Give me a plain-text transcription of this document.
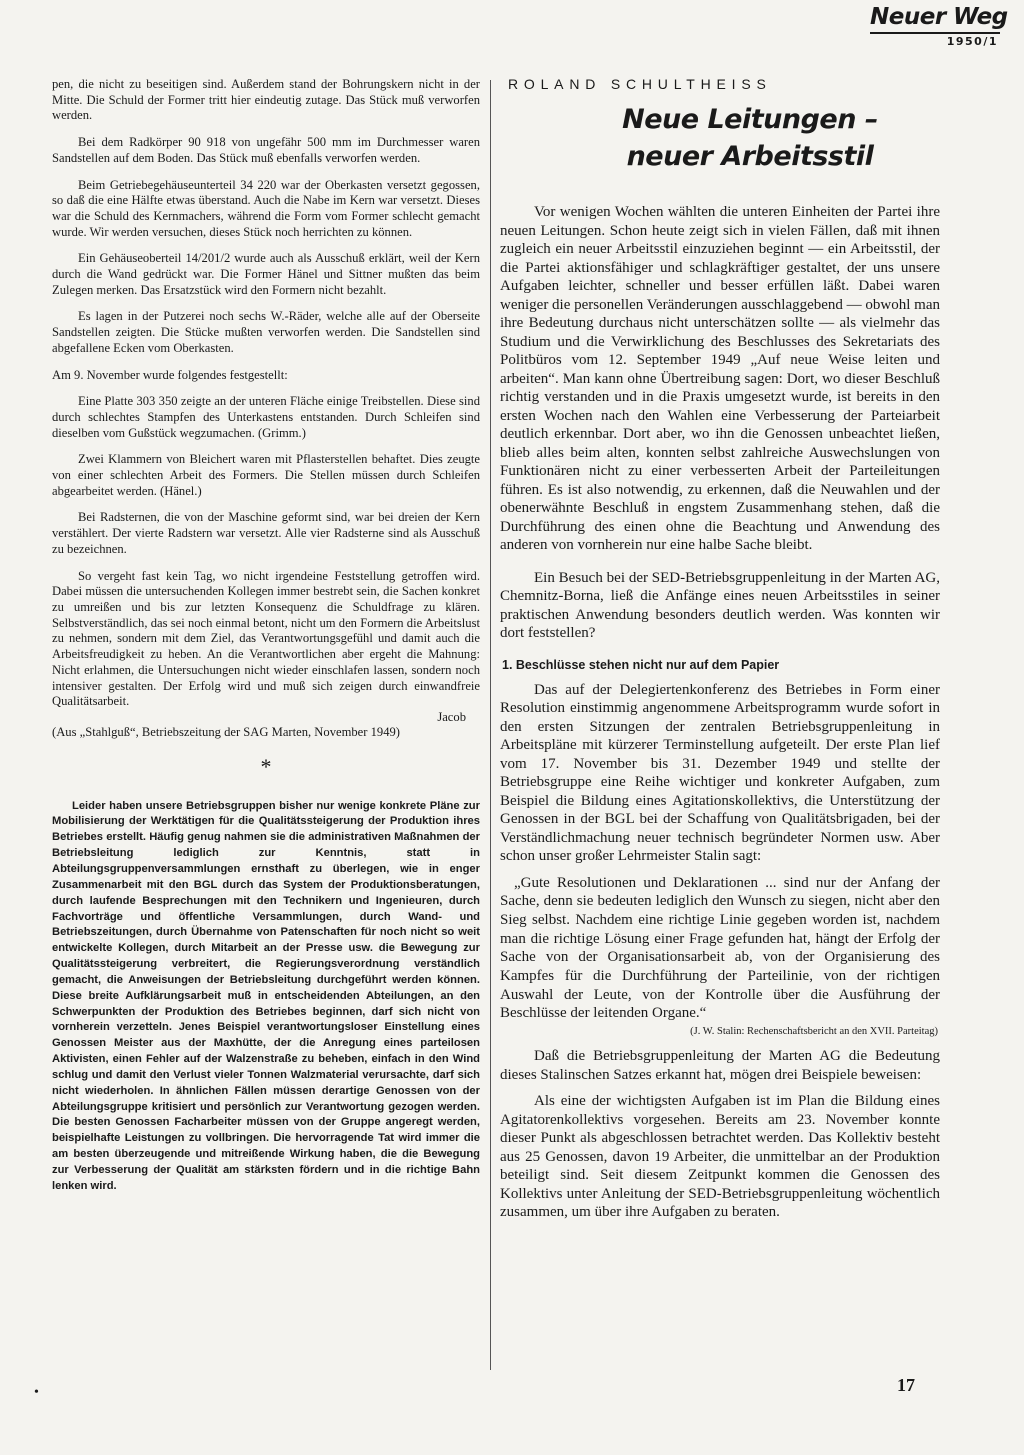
Neuer Weg
1950/1

pen, die nicht zu beseitigen sind. Außerdem stand der Bohrungskern nicht in der Mitte. Die Schuld der Former tritt hier eindeutig zutage. Das Stück muß verworfen werden.

Bei dem Radkörper 90 918 von ungefähr 500 mm im Durchmesser waren Sandstellen auf dem Boden. Das Stück muß ebenfalls verworfen werden.

Beim Getriebegehäuseunterteil 34 220 war der Oberkasten versetzt gegossen, so daß die eine Hälfte etwas überstand. Auch die Nabe im Kern war versetzt. Dieses war die Schuld des Kernmachers, während die Form vom Former schlecht gemacht wurde. Wir werden versuchen, dieses Stück noch herrichten zu können.

Ein Gehäuseoberteil 14/201/2 wurde auch als Ausschuß erklärt, weil der Kern durch die Wand gedrückt war. Die Former Hänel und Sittner mußten das beim Zulegen merken. Das Ersatzstück wird den Formern nicht bezahlt.

Es lagen in der Putzerei noch sechs W.-Räder, welche alle auf der Oberseite Sandstellen zeigten. Die Stücke mußten verworfen werden. Die Sandstellen sind abgefallene Ecken vom Oberkasten.

Am 9. November wurde folgendes festgestellt:

Eine Platte 303 350 zeigte an der unteren Fläche einige Treibstellen. Diese sind durch schlechtes Stampfen des Unterkastens entstanden. Durch Schleifen sind dieselben vom Gußstück wegzumachen. (Grimm.)

Zwei Klammern von Bleichert waren mit Pflasterstellen behaftet. Dies zeugte von einer schlechten Arbeit des Formers. Die Stellen müssen durch Schleifen abgearbeitet werden. (Hänel.)

Bei Radsternen, die von der Maschine geformt sind, war bei dreien der Kern verstählert. Der vierte Radstern war versetzt. Alle vier Radsterne sind als Ausschuß zu bezeichnen.

So vergeht fast kein Tag, wo nicht irgendeine Feststellung getroffen wird. Dabei müssen die untersuchenden Kollegen immer bestrebt sein, die Sachen konkret zu umreißen und bis zur letzten Konsequenz die Schuldfrage zu klären. Selbstverständlich, das sei noch einmal betont, nicht um den Formern die Arbeitslust zu nehmen, sondern mit dem Ziel, das Verantwortungsgefühl und damit auch die Arbeitsfreudigkeit zu heben. An die Verantwortlichen aber ergeht die Mahnung: Nicht erlahmen, die Untersuchungen nicht wieder einschlafen lassen, sondern noch intensiver gestalten. Der Erfolg wird und muß sich zeigen durch einwandfreie Qualitätsarbeit.

Jacob

(Aus „Stahlguß“, Betriebszeitung der SAG Marten, November 1949)

*

Leider haben unsere Betriebsgruppen bisher nur wenige konkrete Pläne zur Mobilisierung der Werktätigen für die Qualitätssteigerung der Produktion ihres Betriebes erstellt. Häufig genug nahmen sie die administrativen Maßnahmen der Betriebsleitung lediglich zur Kenntnis, statt in Abteilungsgruppenversammlungen ernsthaft zu überlegen, wie in enger Zusammenarbeit mit den BGL durch das System der Produktionsberatungen, durch laufende Besprechungen mit den Technikern und Ingenieuren, durch Fachvorträge und öffentliche Versammlungen, durch Wand- und Betriebszeitungen, durch Übernahme von Patenschaften für noch nicht so weit entwickelte Kollegen, durch Mitarbeit an der Presse usw. die Bewegung zur Qualitätssteigerung verbreitert, die Regierungsverordnung verständlich gemacht, die Anweisungen der Betriebsleitung durchgeführt werden können. Diese breite Aufklärungsarbeit muß in entscheidenden Abteilungen, an den Schwerpunkten der Produktion des Betriebes beginnen, darf sich nicht von vornherein verzetteln. Jenes Beispiel verantwortungsloser Einstellung eines Genossen Meister aus der Maxhütte, der die Anregung eines parteilosen Aktivisten, einen Fehler auf der Walzenstraße zu beheben, einfach in den Wind schlug und damit den Verlust vieler Tonnen Walzmaterial verursachte, darf sich nicht wiederholen. In ähnlichen Fällen müssen derartige Genossen von der Abteilungsgruppe kritisiert und persönlich zur Verantwortung gezogen werden. Die besten Genossen Facharbeiter müssen von der Gruppe angeregt werden, beispielhafte Leistungen zu vollbringen. Die hervorragende Tat wird immer die am besten überzeugende und mitreißende Wirkung haben, die die Bewegung zur Verbesserung der Qualität am stärksten fördern und in die richtige Bahn lenken wird.

ROLAND SCHULTHEISS
Neue Leitungen –
neuer Arbeitsstil

Vor wenigen Wochen wählten die unteren Einheiten der Partei ihre neuen Leitungen. Schon heute zeigt sich in vielen Fällen, daß mit ihnen zugleich ein neuer Arbeitsstil einzuziehen beginnt — ein Arbeitsstil, der die Partei aktionsfähiger und schlagkräftiger gestaltet, der uns unsere Aufgaben leichter, schneller und besser erfüllen läßt. Dabei waren weniger die personellen Veränderungen ausschlaggebend — obwohl man ihre Bedeutung durchaus nicht unterschätzen sollte — als vielmehr das Studium und die Verwirklichung des Beschlusses des Sekretariats des Politbüros vom 12. September 1949 „Auf neue Weise leiten und arbeiten“. Man kann ohne Übertreibung sagen: Dort, wo dieser Beschluß richtig verstanden und in die Praxis umgesetzt wurde, ist bereits in den ersten Wochen nach den Wahlen eine Verbesserung der Parteiarbeit deutlich erkennbar. Dort aber, wo ihn die Genossen unbeachtet ließen, blieb alles beim alten, konnten selbst zahlreiche Auswechslungen von Funktionären nicht zu einer verbesserten Arbeit der Parteileitungen führen. Es ist also notwendig, zu erkennen, daß die Neuwahlen und der obenerwähnte Beschluß in engstem Zusammenhang stehen, daß die Durchführung des einen ohne die Beachtung und Anwendung des anderen von vornherein nur eine halbe Sache bleibt.

Ein Besuch bei der SED-Betriebsgruppenleitung in der Marten AG, Chemnitz-Borna, ließ die Anfänge eines neuen Arbeitsstiles in seiner praktischen Anwendung besonders deutlich werden. Was konnten wir dort feststellen?

1. Beschlüsse stehen nicht nur auf dem Papier

Das auf der Delegiertenkonferenz des Betriebes in Form einer Resolution einstimmig angenommene Arbeitsprogramm wurde sofort in den ersten Sitzungen der zentralen Betriebsgruppenleitung in Arbeitspläne mit kürzerer Terminstellung aufgeteilt. Der erste Plan lief vom 17. November bis 31. Dezember 1949 und stellte der Betriebsgruppe eine Reihe wichtiger und konkreter Aufgaben, zum Beispiel die Bildung eines Agitationskollektivs, die Unterstützung der Genossen in der BGL bei der Schaffung von Qualitätsbrigaden, bei der Verständlichmachung neuer technisch begründeter Normen usw. Aber schon unser großer Lehrmeister Stalin sagt:

„Gute Resolutionen und Deklarationen ... sind nur der Anfang der Sache, denn sie bedeuten lediglich den Wunsch zu siegen, nicht aber den Sieg selbst. Nachdem eine richtige Linie gegeben worden ist, nachdem man die richtige Lösung einer Frage gefunden hat, hängt der Erfolg der Sache von der Organisationsarbeit ab, von der Organisierung des Kampfes für die Durchführung der Parteilinie, von der richtigen Auswahl der Leute, von der Kontrolle über die Ausführung der Beschlüsse der leitenden Organe.“

(J. W. Stalin: Rechenschaftsbericht an den XVII. Parteitag)

Daß die Betriebsgruppenleitung der Marten AG die Bedeutung dieses Stalinschen Satzes erkannt hat, mögen drei Beispiele beweisen:

Als eine der wichtigsten Aufgaben ist im Plan die Bildung eines Agitatorenkollektivs vorgesehen. Bereits am 23. November konnte dieser Punkt als abgeschlossen betrachtet werden. Das Kollektiv besteht aus 25 Genossen, davon 19 Arbeiter, die unmittelbar an der Produktion beteiligt sind. Seit diesem Zeitpunkt kommen die Genossen des Kollektivs unter Anleitung der SED-Betriebsgruppenleitung wöchentlich zusammen, um über ihre Aufgaben zu beraten.

•	17
